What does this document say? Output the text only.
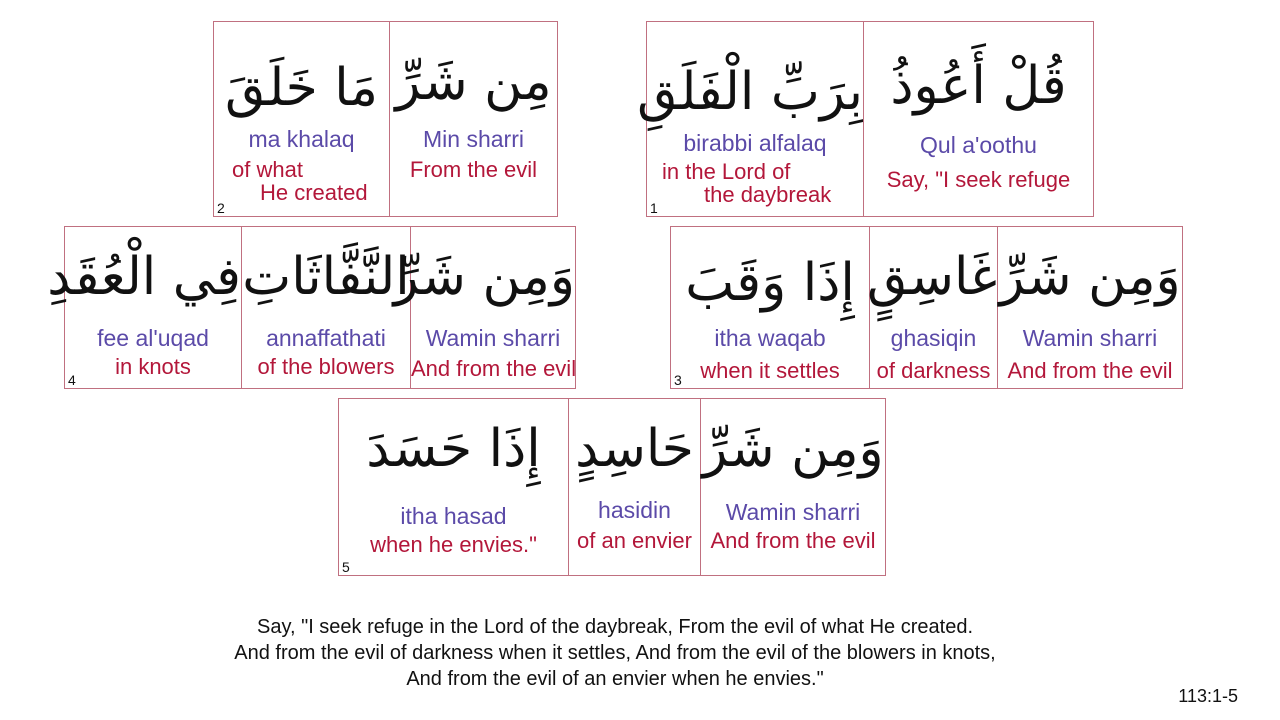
بِرَبِّ الْفَلَقِ
birabbi alfalaq
in the Lord of
the daybreak
1
قُلْ أَعُوذُ
Qul a'oothu
Say, "I seek refuge
مَا خَلَقَ
ma khalaq
of what
He created
2
مِن شَرِّ
Min sharri
From the evil
إِذَا وَقَبَ
itha waqab
when it settles
3
غَاسِقٍ
ghasiqin
of darkness
وَمِن شَرِّ
Wamin sharri
And from the evil
فِي الْعُقَدِ
fee al'uqad
in knots
4
النَّفَّاثَاتِ
annaffathati
of the blowers
وَمِن شَرِّ
Wamin sharri
And from the evil
إِذَا حَسَدَ
itha hasad
when he envies."
5
حَاسِدٍ
hasidin
of an envier
وَمِن شَرِّ
Wamin sharri
And from the evil
Say, "I seek refuge in the Lord of the daybreak, From the evil of what He created.
And from the evil of darkness when it settles, And from the evil of the blowers in knots,
And from the evil of an envier when he envies."
113:1-5
